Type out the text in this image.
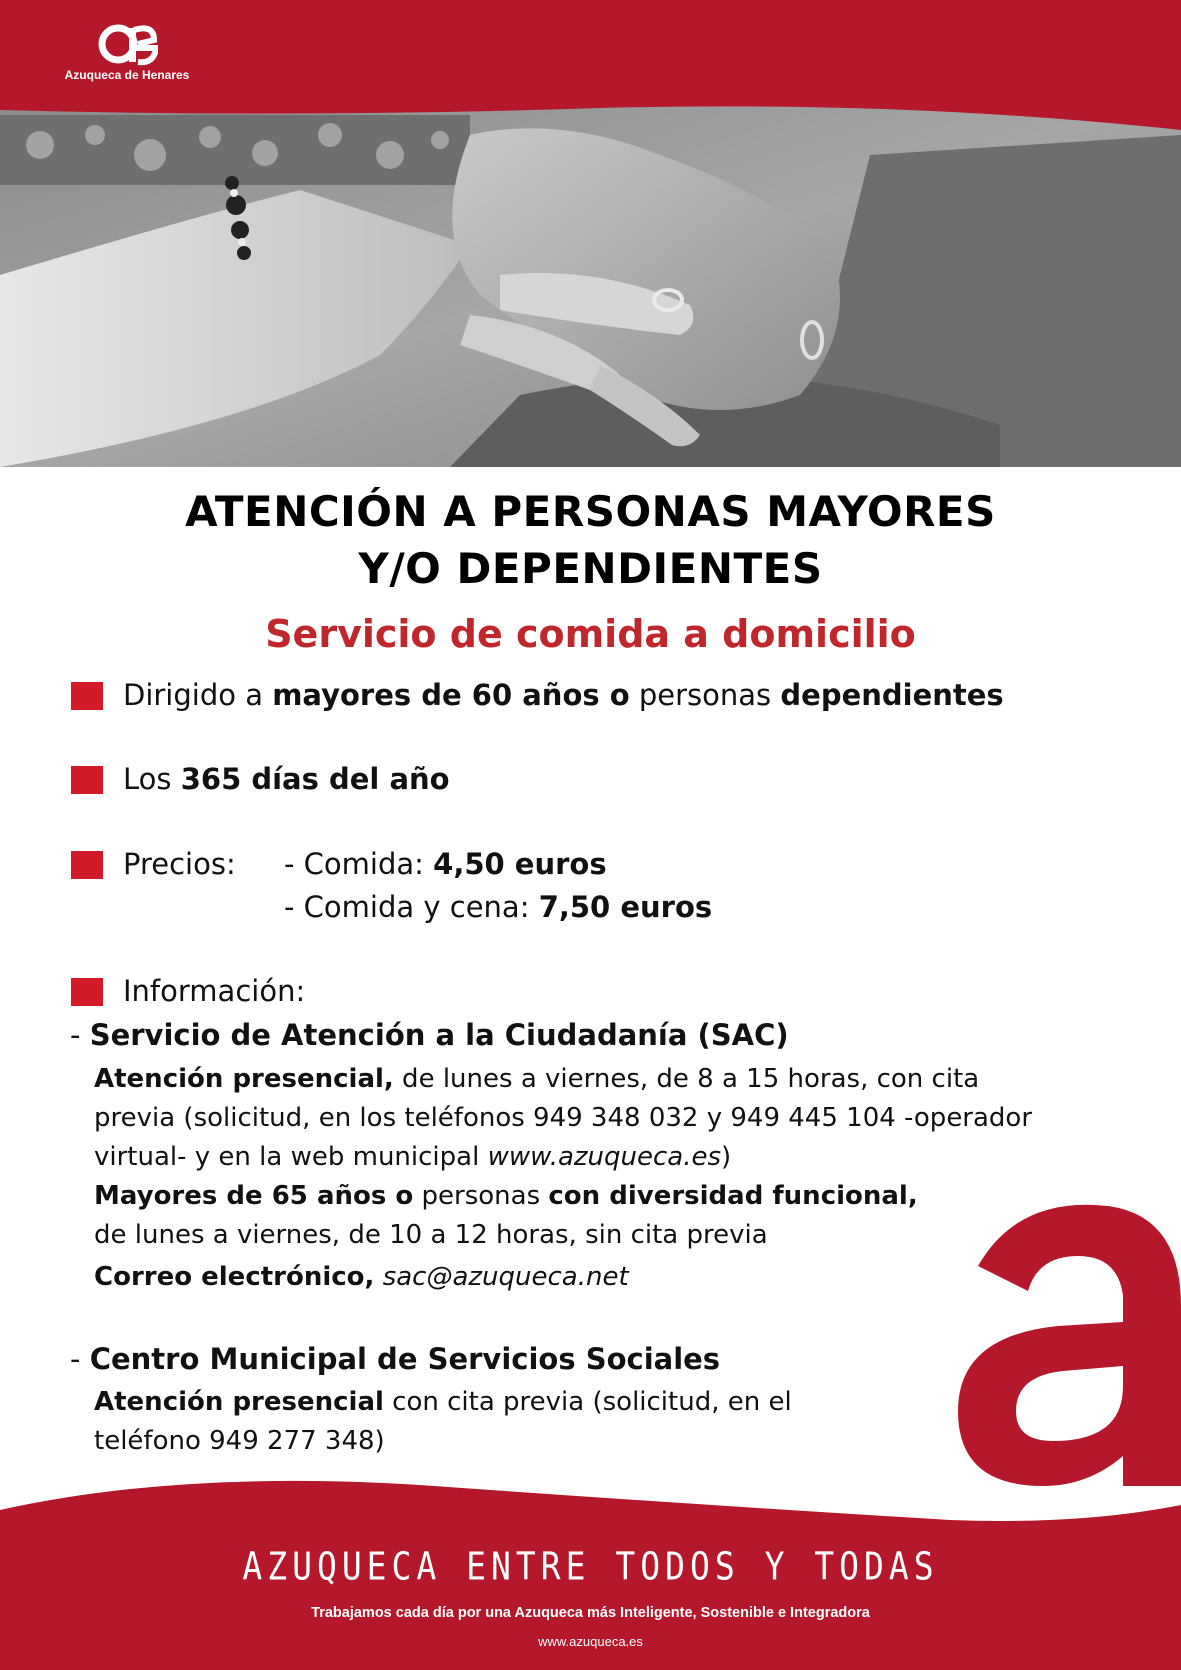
Azuqueca de Henares
ATENCIÓN A PERSONAS MAYORES
Y/O DEPENDIENTES
Servicio de comida a domicilio
Dirigido a mayores de 60 años o personas dependientes
Los 365 días del año
Precios: - Comida: 4,50 euros
- Comida y cena: 7,50 euros
Información:
- Servicio de Atención a la Ciudadanía (SAC)
Atención presencial, de lunes a viernes, de 8 a 15 horas, con cita
previa (solicitud, en los teléfonos 949 348 032 y 949 445 104 -operador
virtual- y en la web municipal www.azuqueca.es)
Mayores de 65 años o personas con diversidad funcional,
de lunes a viernes, de 10 a 12 horas, sin cita previa
Correo electrónico, sac@azuqueca.net
- Centro Municipal de Servicios Sociales
Atención presencial con cita previa (solicitud, en el
teléfono 949 277 348)
AZUQUECA ENTRE TODOS Y TODAS
Trabajamos cada día por una Azuqueca más Inteligente, Sostenible e Integradora
www.azuqueca.es
